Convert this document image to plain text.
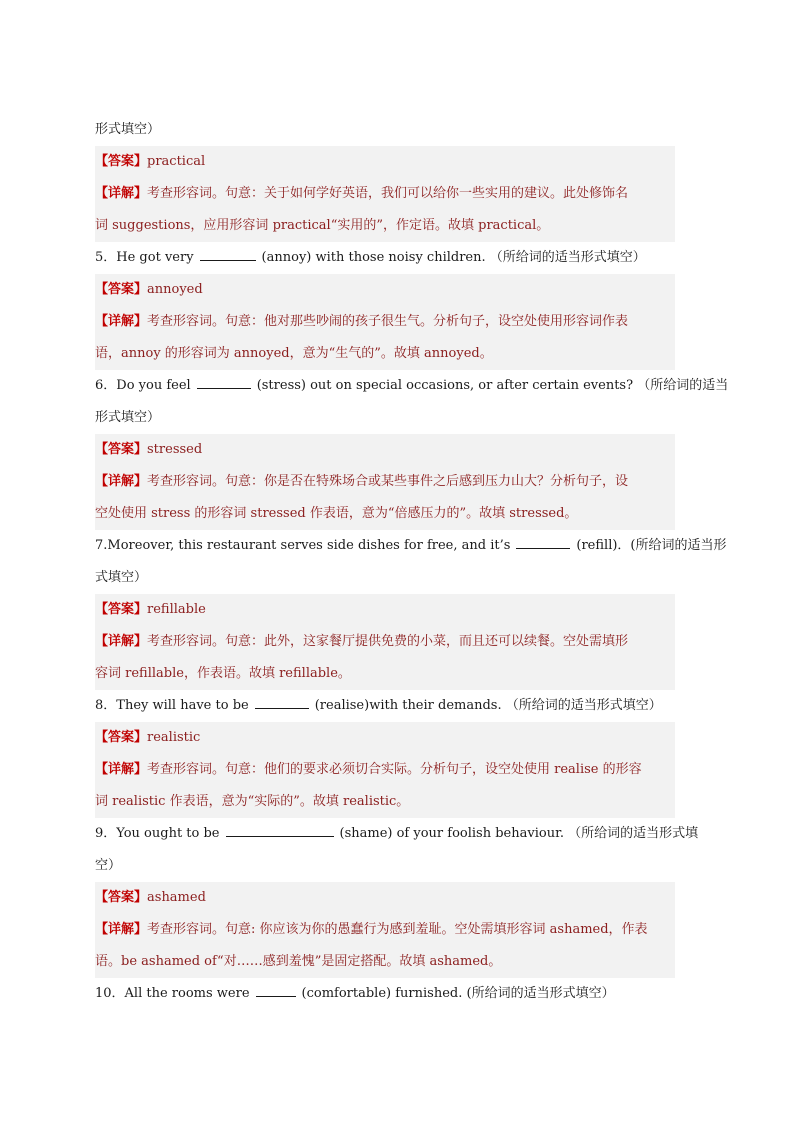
形式填空）
【答案】practical
【详解】考查形容词。句意：关于如何学好英语，我们可以给你一些实用的建议。此处修饰名
词 suggestions，应用形容词 practical“实用的”，作定语。故填 practical。
5．He got very	(annoy) with those noisy children. （所给词的适当形式填空）
【答案】annoyed
【详解】考查形容词。句意：他对那些吵闹的孩子很生气。分析句子，设空处使用形容词作表
语，annoy 的形容词为 annoyed，意为“生气的”。故填 annoyed。
6．Do you feel	(stress) out on special occasions, or after certain events? （所给词的适当
形式填空）
【答案】stressed
【详解】考查形容词。句意：你是否在特殊场合或某些事件之后感到压力山大？分析句子，设
空处使用 stress 的形容词 stressed 作表语，意为“倍感压力的”。故填 stressed。
7.Moreover, this restaurant serves side dishes for free, and it’s	(refill)．(所给词的适当形
式填空）
【答案】refillable
【详解】考查形容词。句意：此外，这家餐厅提供免费的小菜，而且还可以续餐。空处需填形
容词 refillable，作表语。故填 refillable。
8．They will have to be	(realise)with their demands. （所给词的适当形式填空）
【答案】realistic
【详解】考查形容词。句意：他们的要求必须切合实际。分析句子，设空处使用 realise 的形容
词 realistic 作表语，意为“实际的”。故填 realistic。
9．You ought to be	(shame) of your foolish behaviour. （所给词的适当形式填
空）
【答案】ashamed
【详解】考查形容词。句意: 你应该为你的愚蠢行为感到羞耻。空处需填形容词 ashamed，作表
语。be ashamed of“对……感到羞愧”是固定搭配。故填 ashamed。
10．All the rooms were	(comfortable) furnished. (所给词的适当形式填空）
